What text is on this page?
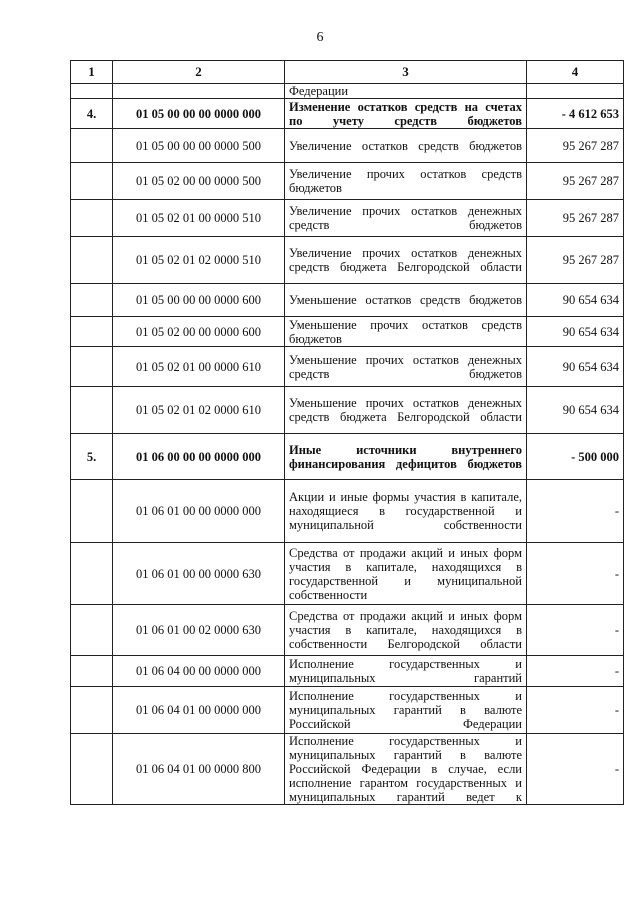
6
1	2	3	4
		Федерации	
4.	01 05 00 00 00 0000 000	Изменение остатков средств на счетах по учету средств бюджетов	- 4 612 653
	01 05 00 00 00 0000 500	Увеличение остатков средств бюджетов	95 267 287
	01 05 02 00 00 0000 500	Увеличение прочих остатков средств бюджетов	95 267 287
	01 05 02 01 00 0000 510	Увеличение прочих остатков денежных средств бюджетов	95 267 287
	01 05 02 01 02 0000 510	Увеличение прочих остатков денежных средств бюджета Белгородской области	95 267 287
	01 05 00 00 00 0000 600	Уменьшение остатков средств бюджетов	90 654 634
	01 05 02 00 00 0000 600	Уменьшение прочих остатков средств бюджетов	90 654 634
	01 05 02 01 00 0000 610	Уменьшение прочих остатков денежных средств бюджетов	90 654 634
	01 05 02 01 02 0000 610	Уменьшение прочих остатков денежных средств бюджета Белгородской области	90 654 634
5.	01 06 00 00 00 0000 000	Иные источники внутреннего финансирования дефицитов бюджетов	- 500 000
	01 06 01 00 00 0000 000	Акции и иные формы участия в капитале, находящиеся в государственной и муниципальной собственности	-
	01 06 01 00 00 0000 630	Средства от продажи акций и иных форм участия в капитале, находящихся в государственной и муниципальной собственности	-
	01 06 01 00 02 0000 630	Средства от продажи акций и иных форм участия в капитале, находящихся в собственности Белгородской области	-
	01 06 04 00 00 0000 000	Исполнение государственных и муниципальных гарантий	-
	01 06 04 01 00 0000 000	Исполнение государственных и муниципальных гарантий в валюте Российской Федерации	-
	01 06 04 01 00 0000 800	Исполнение государственных и муниципальных гарантий в валюте Российской Федерации в случае, если исполнение гарантом государственных и муниципальных гарантий ведет к	-
